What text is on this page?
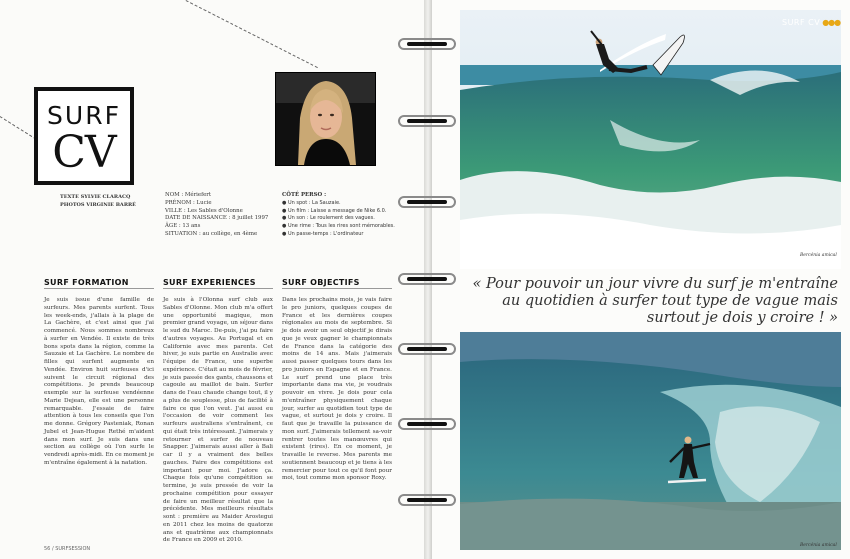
SURF
CV
TEXTE SYLVIE CLARACQ
PHOTOS VIRGINIE BARRÉ
NOM : Mériefert
PRÉNOM : Lucie
VILLE : Les Sables d'Olonne
DATE DE NAISSANCE : 8 juillet 1997
ÂGE : 13 ans
SITUATION : au collège, en 4ème
CÔTÉ PERSO :
● Un spot : La Sauzaie.
● Un film : Laisse a message de Nike 6.0.
● Un son : Le roulement des vagues.
● Une rime : Tous les rires sont mémorables.
● Un passe-temps : L'ordinateur
SURF FORMATION
Je suis issue d'une famille de surfeurs. Mes parents surfent. Tous les week-ends, j'allais à la plage de La Gachère, et c'est ainsi que j'ai commencé. Nous sommes nombreux à surfer en Vendée. Il existe de très bons spots dans la région, comme la Sauzaie et La Gachère. Le nombre de filles qui surfent augmente en Vendée. Environ huit surfeuses d'ici suivent le circuit régional des compétitions. Je prends beaucoup exemple sur la surfeuse vendéenne Marie Dejean, elle est une personne remarquable. J'essaie de faire attention à tous les conseils que l'on me donne. Grégory Pasteniak, Ronan Jubel et Jean-Hugue Rethé m'aident dans mon surf. Je suis dans une section au collège où l'on surfe le vendredi après-midi. En ce moment je m'entraîne également à la natation.
SURF EXPERIENCES
Je suis à l'Olonna surf club aux Sables d'Olonne. Mon club m'a offert une opportunité magique, mon premier grand voyage, un séjour dans le sud du Maroc. De-puis, j'ai pu faire d'autres voyages. Au Portugal et en Californie avec mes parents. Cet hiver, je suis partie en Australie avec l'équipe de France, une superbe expérience. C'était au mois de février, je suis passée des gants, chaussons et cagoule au maillot de bain. Surfer dans de l'eau chaude change tout, il y a plus de souplesse, plus de facilité à faire ce que l'on veut. J'ai aussi eu l'occasion de voir comment les surfeurs australiens s'entraînent, ce qui était très intéressant. J'aimerais y retourner et surfer de nouveau Snapper. J'aimerais aussi aller à Bali car il y a vraiment des belles gauches. Faire des compétitions est important pour moi. J'adore ça. Chaque fois qu'une compétition se termine, je suis pressée de voir la prochaine compétition pour essayer de faire un meilleur résultat que la précédente. Mes meilleurs résultats sont : première au Maider Arostegui en 2011 chez les moins de quatorze ans et quatrième aux championnats de France en 2009 et 2010.
SURF OBJECTIFS
Dans les prochains mois, je vais faire le pro juniors, quelques coupes de France et les dernières coupes régionales au mois de septembre. Si je dois avoir un seul objectif je dirais que je veux gagner le championnats de France dans la catégorie des moins de 14 ans. Mais j'aimerais aussi passer quelques tours dans les pro juniors en Espagne et en France. Le surf prend une place très importante dans ma vie, je voudrais pouvoir en vivre. Je dois pour cela m'entraîner physiquement chaque jour, surfer au quotidien tout type de vague, et surtout je dois y croire. Il faut que je travaille la puissance de mon surf. J'aimerais tellement sa-voir rentrer toutes les manœuvres qui existent (rires). En ce moment, je travaille le reverse. Mes parents me soutiennent beaucoup et je tiens à les remercier pour tout ce qu'il font pour moi, tout comme mon sponsor Roxy.
56 / SURFSESSION
SURF CV ●●●
Bercénia amical
« Pour pouvoir un jour vivre du surf je m'entraîne au quotidien à surfer tout type de vague mais surtout je dois y croire ! »
Bercénia amical
